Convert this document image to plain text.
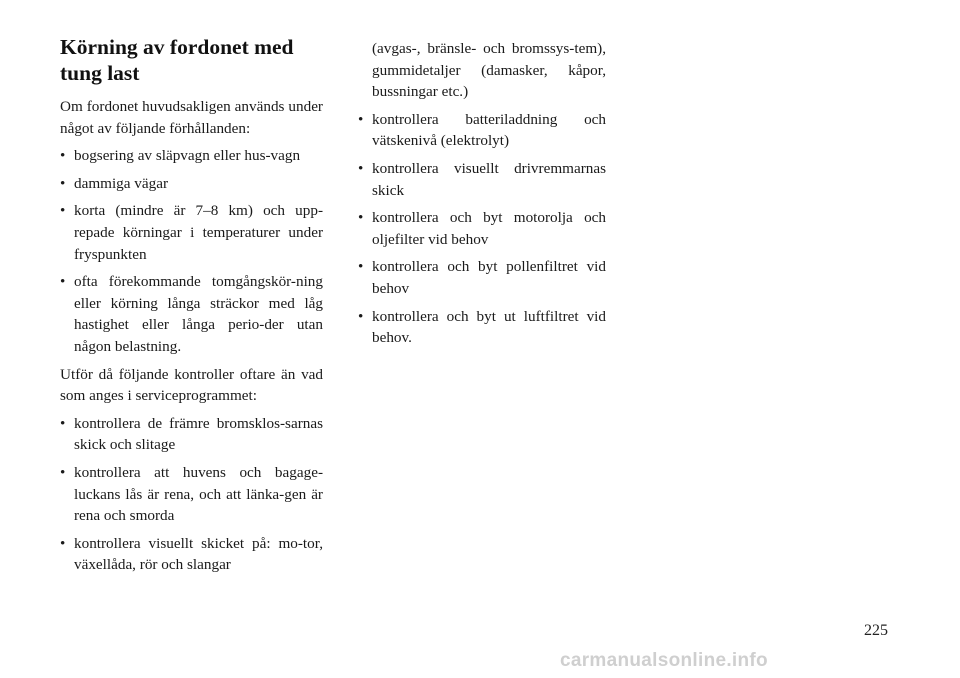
Körning av fordonet med tung last

Om fordonet huvudsakligen används under något av följande förhållanden:

• bogsering av släpvagn eller hus-vagn
• dammiga vägar
• korta (mindre är 7–8 km) och upp-repade körningar i temperaturer under fryspunkten
• ofta förekommande tomgångskör-ning eller körning långa sträckor med låg hastighet eller långa perio-der utan någon belastning.

Utför då följande kontroller oftare än vad som anges i serviceprogrammet:

• kontrollera de främre bromsklos-sarnas skick och slitage
• kontrollera att huvens och bagage-luckans lås är rena, och att länka-gen är rena och smorda
• kontrollera visuellt skicket på: mo-tor, växellåda, rör och slangar
(avgas-, bränsle- och bromssys-tem), gummidetaljer (damasker, kåpor, bussningar etc.)
• kontrollera batteriladdning och vätskenivå (elektrolyt)
• kontrollera visuellt drivremmarnas skick
• kontrollera och byt motorolja och oljefilter vid behov
• kontrollera och byt pollenfiltret vid behov
• kontrollera och byt ut luftfiltret vid behov.
225
carmanualsonline.info
